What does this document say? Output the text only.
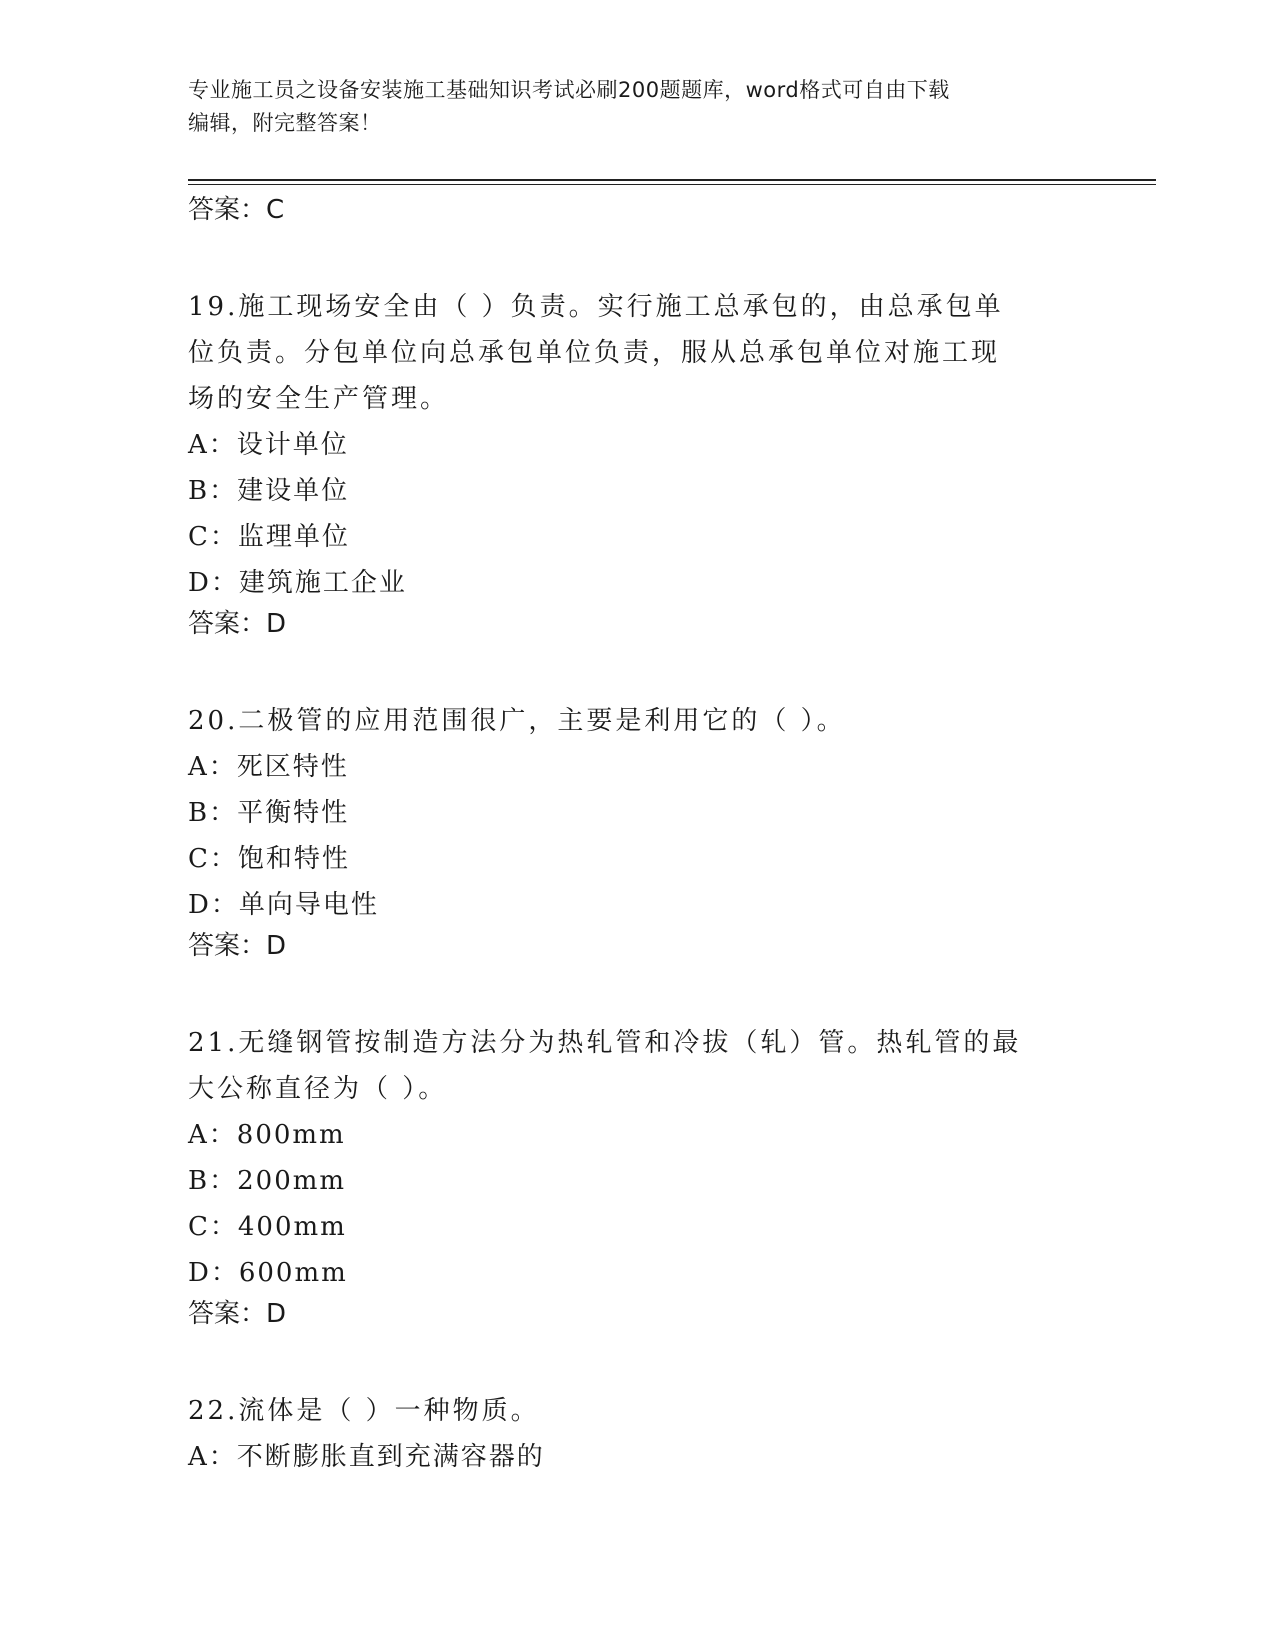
专业施工员之设备安装施工基础知识考试必刷200题题库，word格式可自由下载
编辑，附完整答案！

答案：C

19.施工现场安全由（ ）负责。实行施工总承包的，由总承包单位负责。分包单位向总承包单位负责，服从总承包单位对施工现场的安全生产管理。

A：设计单位

B：建设单位

C：监理单位

D：建筑施工企业

答案：D

20.二极管的应用范围很广，主要是利用它的（ ）。

A：死区特性

B：平衡特性

C：饱和特性

D：单向导电性

答案：D

21.无缝钢管按制造方法分为热轧管和冷拔（轧）管。热轧管的最大公称直径为（ ）。

A：800mm

B：200mm

C：400mm

D：600mm

答案：D

22.流体是（ ）一种物质。

A：不断膨胀直到充满容器的
